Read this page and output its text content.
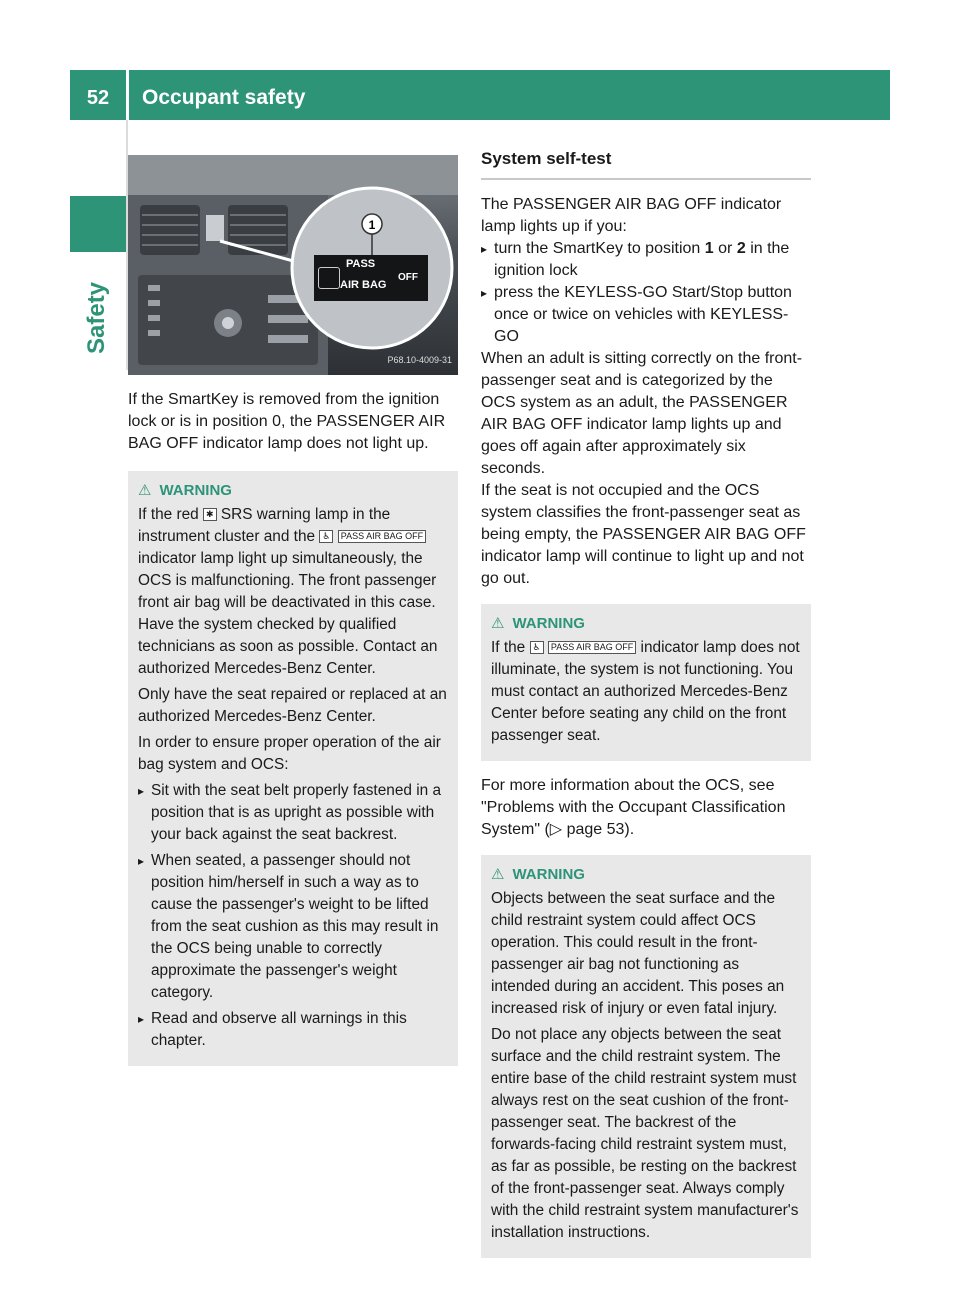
52	Occupant safety
Safety
1
PASS
AIR BAG
OFF
P68.10-4009-31

If the SmartKey is removed from the ignition lock or is in position 0, the PASSENGER AIR BAG OFF indicator lamp does not light up.

⚠ WARNING

If the red ✱ SRS warning lamp in the instrument cluster and the ♿ PASS AIR BAG OFF indicator lamp light up simultaneously, the OCS is malfunctioning. The front passenger front air bag will be deactivated in this case. Have the system checked by qualified technicians as soon as possible. Contact an authorized Mercedes-Benz Center.

Only have the seat repaired or replaced at an authorized Mercedes-Benz Center.

In order to ensure proper operation of the air bag system and OCS:

▸ Sit with the seat belt properly fastened in a position that is as upright as possible with your back against the seat backrest.
▸ When seated, a passenger should not position him/herself in such a way as to cause the passenger's weight to be lifted from the seat cushion as this may result in the OCS being unable to correctly approximate the passenger's weight category.
▸ Read and observe all warnings in this chapter.
System self-test

The PASSENGER AIR BAG OFF indicator lamp lights up if you:

▸ turn the SmartKey to position 1 or 2 in the ignition lock
▸ press the KEYLESS-GO Start/Stop button once or twice on vehicles with KEYLESS-GO

When an adult is sitting correctly on the front-passenger seat and is categorized by the OCS system as an adult, the PASSENGER AIR BAG OFF indicator lamp lights up and goes off again after approximately six seconds.

If the seat is not occupied and the OCS system classifies the front-passenger seat as being empty, the PASSENGER AIR BAG OFF indicator lamp will continue to light up and not go out.

⚠ WARNING

If the ♿ PASS AIR BAG OFF indicator lamp does not illuminate, the system is not functioning. You must contact an authorized Mercedes-Benz Center before seating any child on the front passenger seat.

For more information about the OCS, see "Problems with the Occupant Classification System" (▷ page 53).

⚠ WARNING

Objects between the seat surface and the child restraint system could affect OCS operation. This could result in the front-passenger air bag not functioning as intended during an accident. This poses an increased risk of injury or even fatal injury.

Do not place any objects between the seat surface and the child restraint system. The entire base of the child restraint system must always rest on the seat cushion of the front-passenger seat. The backrest of the forwards-facing child restraint system must, as far as possible, be resting on the backrest of the front-passenger seat. Always comply with the child restraint system manufacturer's installation instructions.
